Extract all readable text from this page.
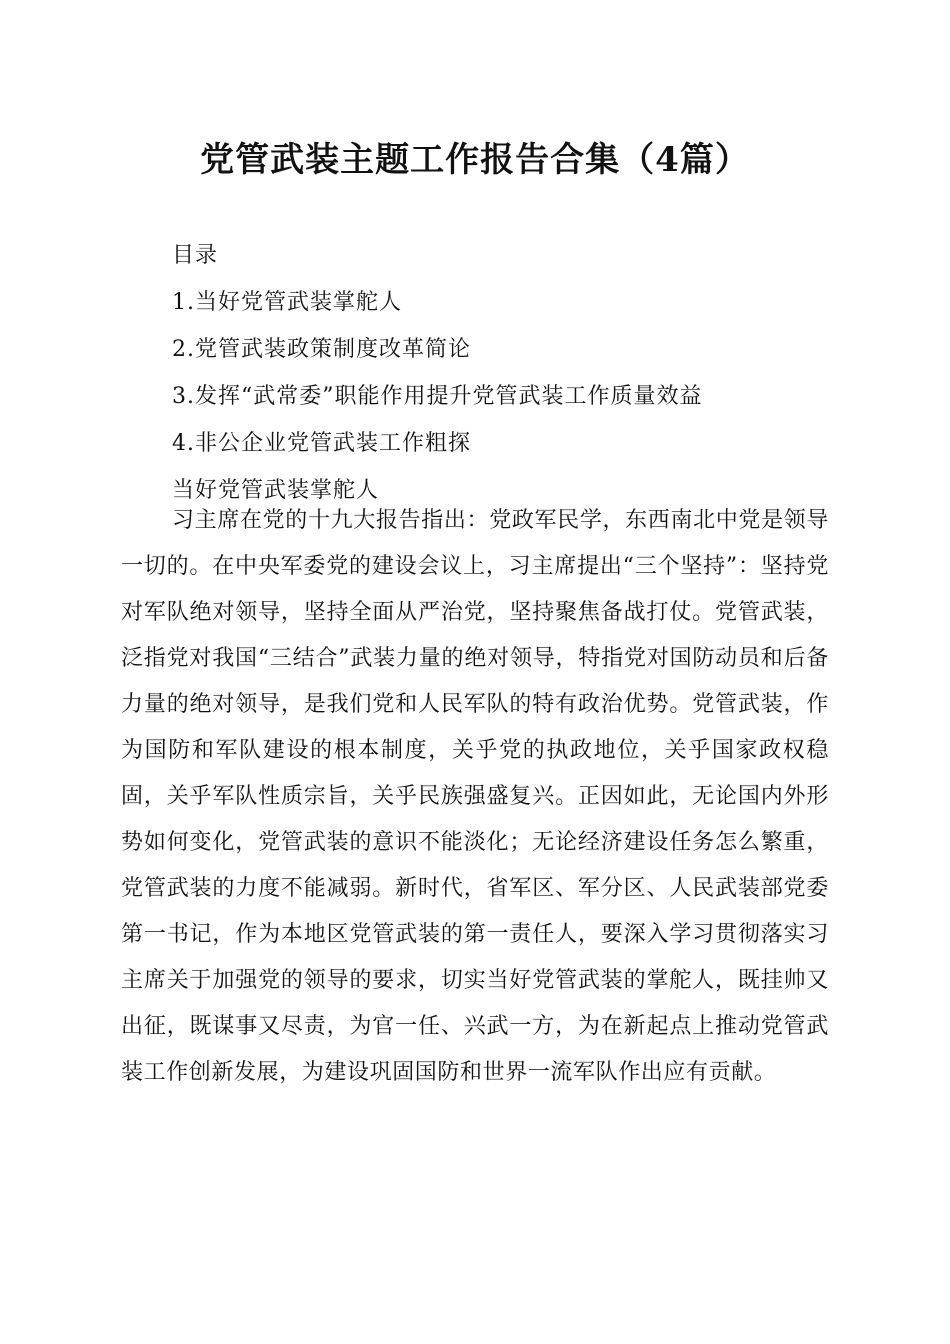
党管武装主题工作报告合集（4篇）
目录
1.当好党管武装掌舵人
2.党管武装政策制度改革简论
3.发挥“武常委”职能作用提升党管武装工作质量效益
4.非公企业党管武装工作粗探
当好党管武装掌舵人

习主席在党的十九大报告指出：党政军民学，东西南北中党是领导一切的。在中央军委党的建设会议上，习主席提出“三个坚持”：坚持党对军队绝对领导，坚持全面从严治党，坚持聚焦备战打仗。党管武装，泛指党对我国“三结合”武装力量的绝对领导，特指党对国防动员和后备力量的绝对领导，是我们党和人民军队的特有政治优势。党管武装，作为国防和军队建设的根本制度，关乎党的执政地位，关乎国家政权稳固，关乎军队性质宗旨，关乎民族强盛复兴。正因如此，无论国内外形势如何变化，党管武装的意识不能淡化；无论经济建设任务怎么繁重，党管武装的力度不能减弱。新时代，省军区、军分区、人民武装部党委第一书记，作为本地区党管武装的第一责任人，要深入学习贯彻落实习主席关于加强党的领导的要求，切实当好党管武装的掌舵人，既挂帅又出征，既谋事又尽责，为官一任、兴武一方，为在新起点上推动党管武装工作创新发展，为建设巩固国防和世界一流军队作出应有贡献。
